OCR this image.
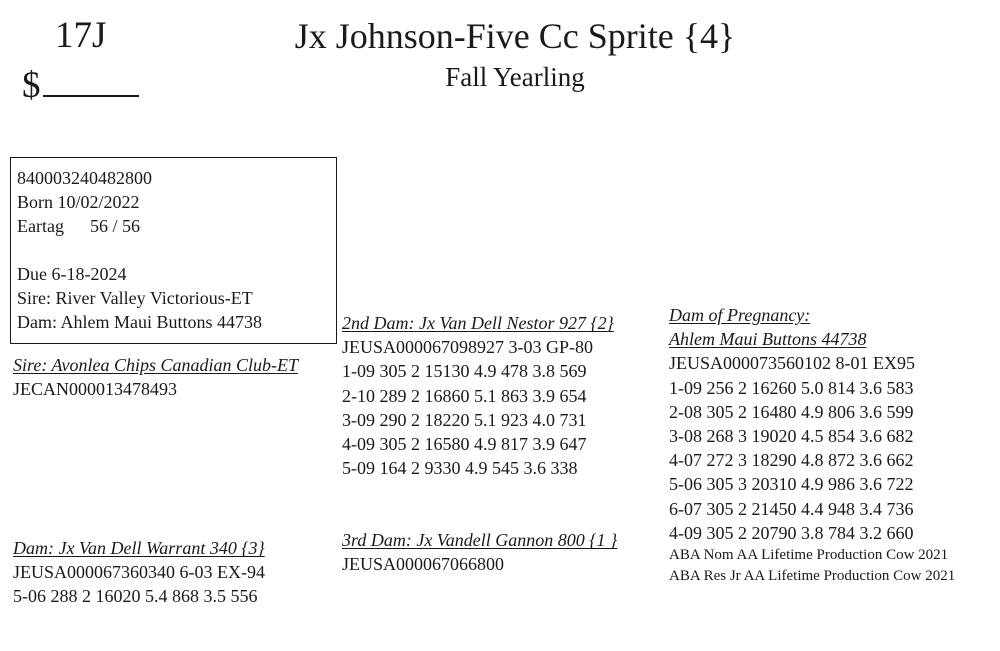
17J
$
Jx Johnson-Five Cc Sprite {4}
Fall Yearling
840003240482800
Born 10/02/2022
Eartag 56 / 56
Due 6-18-2024
Sire: River Valley Victorious-ET
Dam: Ahlem Maui Buttons 44738
Sire: Avonlea Chips Canadian Club-ET
JECAN000013478493
Dam: Jx Van Dell Warrant 340 {3}
JEUSA000067360340 6-03 EX-94
5-06 288 2 16020 5.4 868 3.5 556
2nd Dam: Jx Van Dell Nestor 927 {2}
JEUSA000067098927 3-03 GP-80
1-09 305 2 15130 4.9 478 3.8 569
2-10 289 2 16860 5.1 863 3.9 654
3-09 290 2 18220 5.1 923 4.0 731
4-09 305 2 16580 4.9 817 3.9 647
5-09 164 2 9330 4.9 545 3.6 338
3rd Dam: Jx Vandell Gannon 800 {1 }
JEUSA000067066800
Dam of Pregnancy:
Ahlem Maui Buttons 44738
JEUSA000073560102 8-01 EX95
1-09 256 2 16260 5.0 814 3.6 583
2-08 305 2 16480 4.9 806 3.6 599
3-08 268 3 19020 4.5 854 3.6 682
4-07 272 3 18290 4.8 872 3.6 662
5-06 305 3 20310 4.9 986 3.6 722
6-07 305 2 21450 4.4 948 3.4 736
4-09 305 2 20790 3.8 784 3.2 660
ABA Nom AA Lifetime Production Cow 2021
ABA Res Jr AA Lifetime Production Cow 2021
